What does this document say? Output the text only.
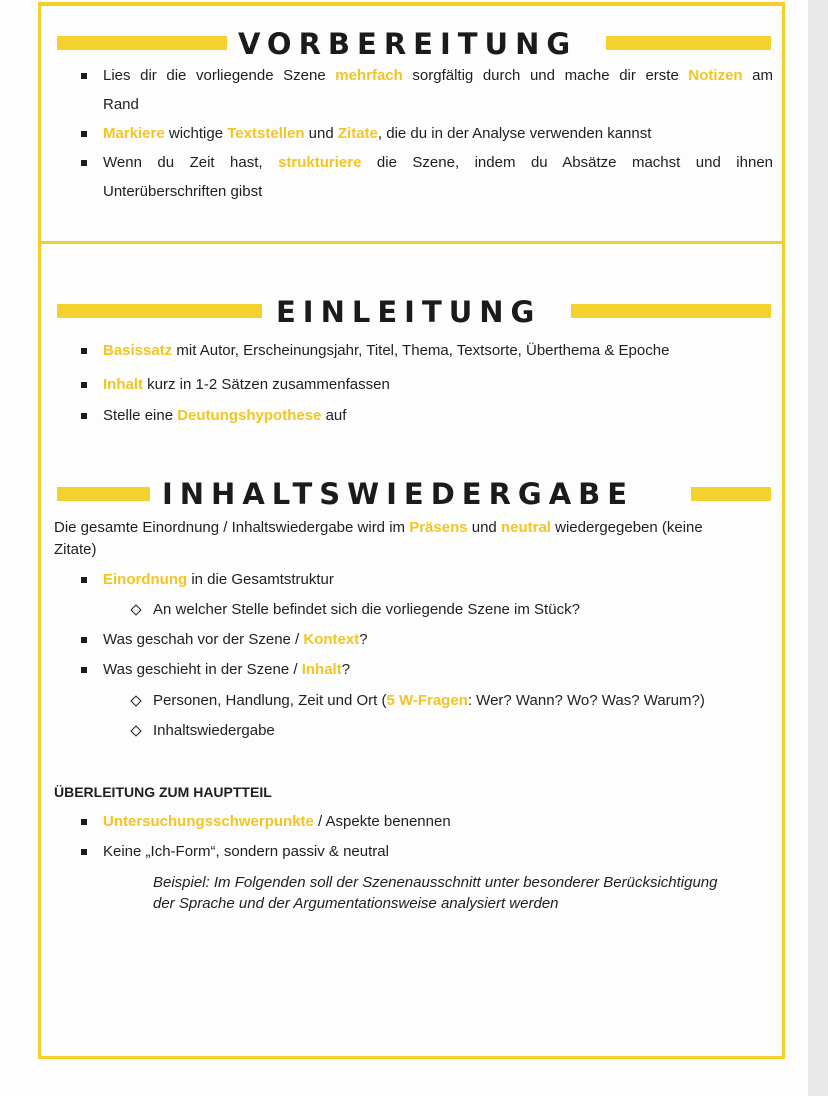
VORBEREITUNG
Lies dir die vorliegende Szene mehrfach sorgfältig durch und mache dir erste Notizen am
Rand
Markiere wichtige Textstellen und Zitate, die du in der Analyse verwenden kannst
Wenn du Zeit hast, strukturiere die Szene, indem du Absätze machst und ihnen
Unterüberschriften gibst
EINLEITUNG
Basissatz mit Autor, Erscheinungsjahr, Titel, Thema, Textsorte, Überthema & Epoche
Inhalt kurz in 1-2 Sätzen zusammenfassen
Stelle eine Deutungshypothese auf
INHALTSWIEDERGABE
Die gesamte Einordnung / Inhaltswiedergabe wird im Präsens und neutral wiedergegeben (keine
Zitate)
Einordnung in die Gesamtstruktur
An welcher Stelle befindet sich die vorliegende Szene im Stück?
Was geschah vor der Szene / Kontext?
Was geschieht in der Szene / Inhalt?
Personen, Handlung, Zeit und Ort (5 W-Fragen: Wer? Wann? Wo? Was? Warum?)
Inhaltswiedergabe
ÜBERLEITUNG ZUM HAUPTTEIL
Untersuchungsschwerpunkte / Aspekte benennen
Keine „Ich-Form“, sondern passiv & neutral
Beispiel: Im Folgenden soll der Szenenausschnitt unter besonderer Berücksichtigung
der Sprache und der Argumentationsweise analysiert werden
